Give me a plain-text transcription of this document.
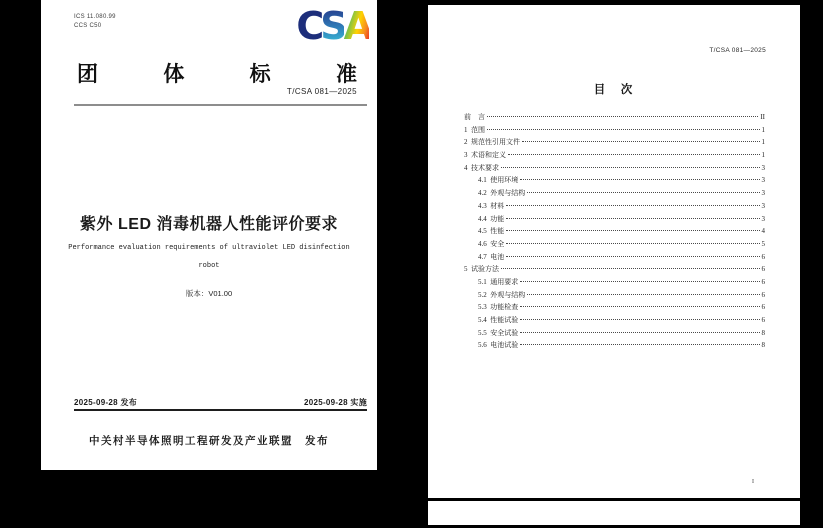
ICS 11.080.99
CCS C50	CSA
团	体	标	准
T/CSA 081—2025
紫外 LED 消毒机器人性能评价要求
Performance evaluation requirements of ultraviolet LED disinfection
robot
版本：V01.00
2025-09-28 发布	2025-09-28 实施
中关村半导体照明工程研发及产业联盟　发布
T/CSA 081—2025
目　次
前　言	II
1  范围	1
2  规范性引用文件	1
3  术语和定义	1
4  技术要求	3
4.1  使用环境	3
4.2  外观与结构	3
4.3  材料	3
4.4  功能	3
4.5  性能	4
4.6  安全	5
4.7  电池	6
5  试验方法	6
5.1  通用要求	6
5.2  外观与结构	6
5.3  功能检查	6
5.4  性能试验	6
5.5  安全试验	8
5.6  电池试验	8
I
